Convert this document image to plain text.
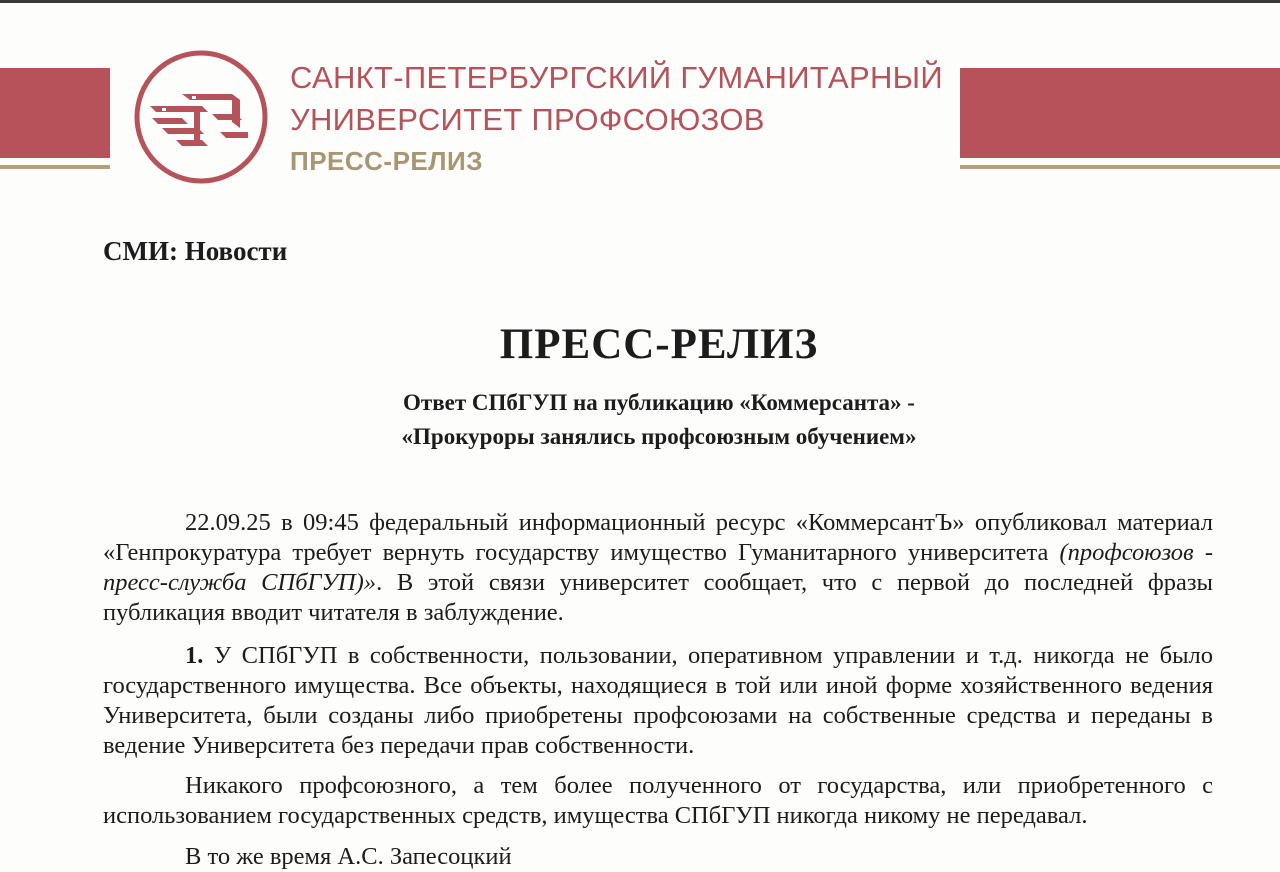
САНКТ-ПЕТЕРБУРГСКИЙ ГУМАНИТАРНЫЙ
УНИВЕРСИТЕТ ПРОФСОЮЗОВ
ПРЕСС-РЕЛИЗ
СМИ: Новости
ПРЕСС-РЕЛИЗ
Ответ СПбГУП на публикацию «Коммерсанта» -
«Прокуроры занялись профсоюзным обучением»

22.09.25 в 09:45 федеральный информационный ресурс «КоммерсантЪ» опубликовал материал «Генпрокуратура требует вернуть государству имущество Гуманитарного университета (профсоюзов - пресс-служба СПбГУП)». В этой связи университет сообщает, что с первой до последней фразы публикация вводит читателя в заблуждение.

1. У СПбГУП в собственности, пользовании, оперативном управлении и т.д. никогда не было государственного имущества. Все объекты, находящиеся в той или иной форме хозяйственного ведения Университета, были созданы либо приобретены профсоюзами на собственные средства и переданы в ведение Университета без передачи прав собственности.

Никакого профсоюзного, а тем более полученного от государства, или приобретенного с использованием государственных средств, имущества СПбГУП никогда никому не передавал.

В то же время А.С. Запесоцкий
